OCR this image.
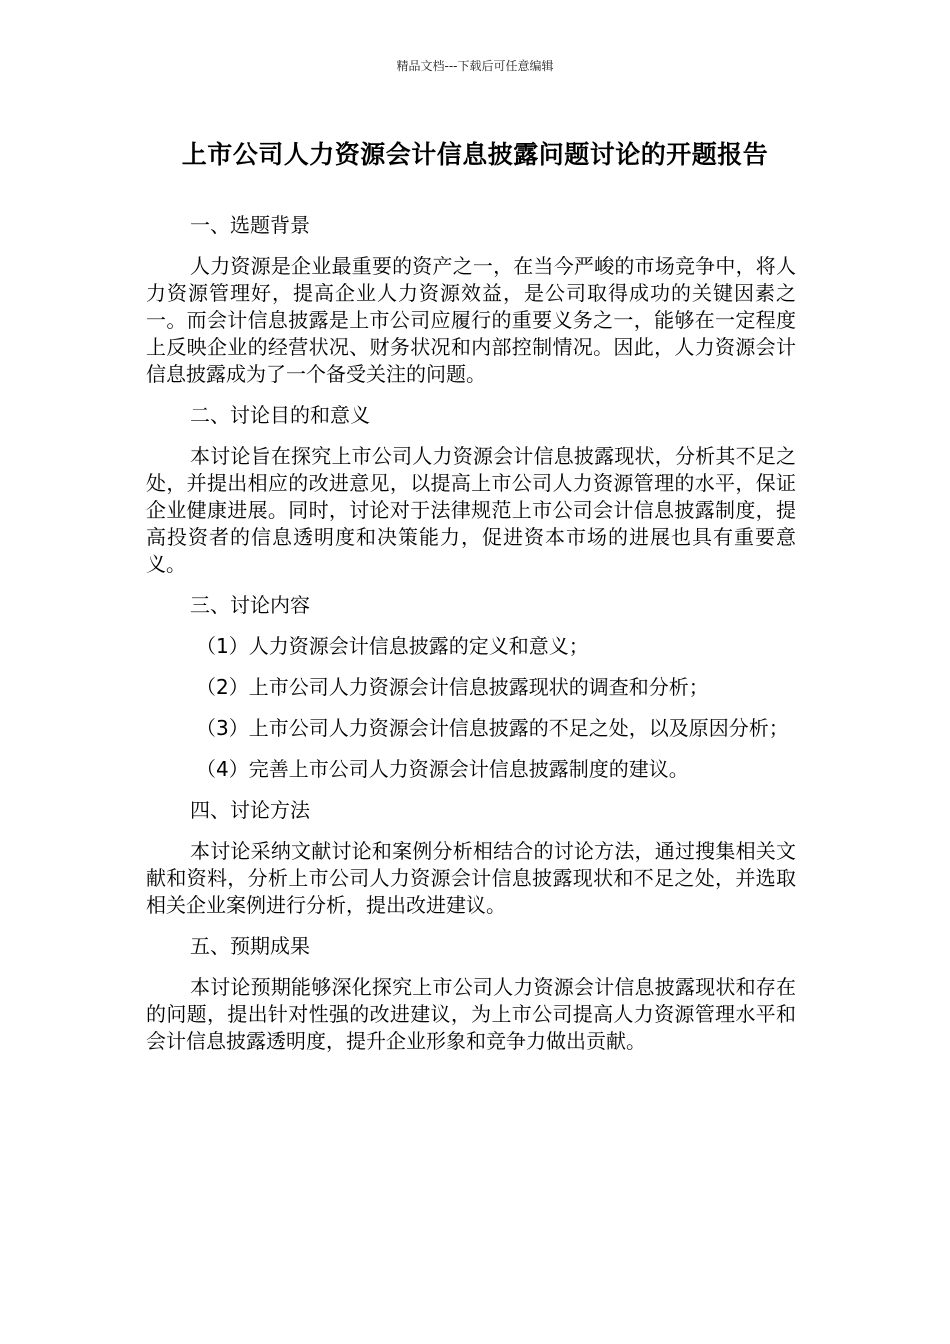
精品文档---下载后可任意编辑
上市公司人力资源会计信息披露问题讨论的开题报告

一、选题背景

人力资源是企业最重要的资产之一，在当今严峻的市场竞争中，将人力资源管理好，提高企业人力资源效益，是公司取得成功的关键因素之一。而会计信息披露是上市公司应履行的重要义务之一，能够在一定程度上反映企业的经营状况、财务状况和内部控制情况。因此，人力资源会计信息披露成为了一个备受关注的问题。

二、讨论目的和意义

本讨论旨在探究上市公司人力资源会计信息披露现状，分析其不足之处，并提出相应的改进意见，以提高上市公司人力资源管理的水平，保证企业健康进展。同时，讨论对于法律规范上市公司会计信息披露制度，提高投资者的信息透明度和决策能力，促进资本市场的进展也具有重要意义。

三、讨论内容

（1）人力资源会计信息披露的定义和意义；

（2）上市公司人力资源会计信息披露现状的调查和分析；

（3）上市公司人力资源会计信息披露的不足之处，以及原因分析；

（4）完善上市公司人力资源会计信息披露制度的建议。

四、讨论方法

本讨论采纳文献讨论和案例分析相结合的讨论方法，通过搜集相关文献和资料，分析上市公司人力资源会计信息披露现状和不足之处，并选取相关企业案例进行分析，提出改进建议。

五、预期成果

本讨论预期能够深化探究上市公司人力资源会计信息披露现状和存在的问题，提出针对性强的改进建议，为上市公司提高人力资源管理水平和会计信息披露透明度，提升企业形象和竞争力做出贡献。
